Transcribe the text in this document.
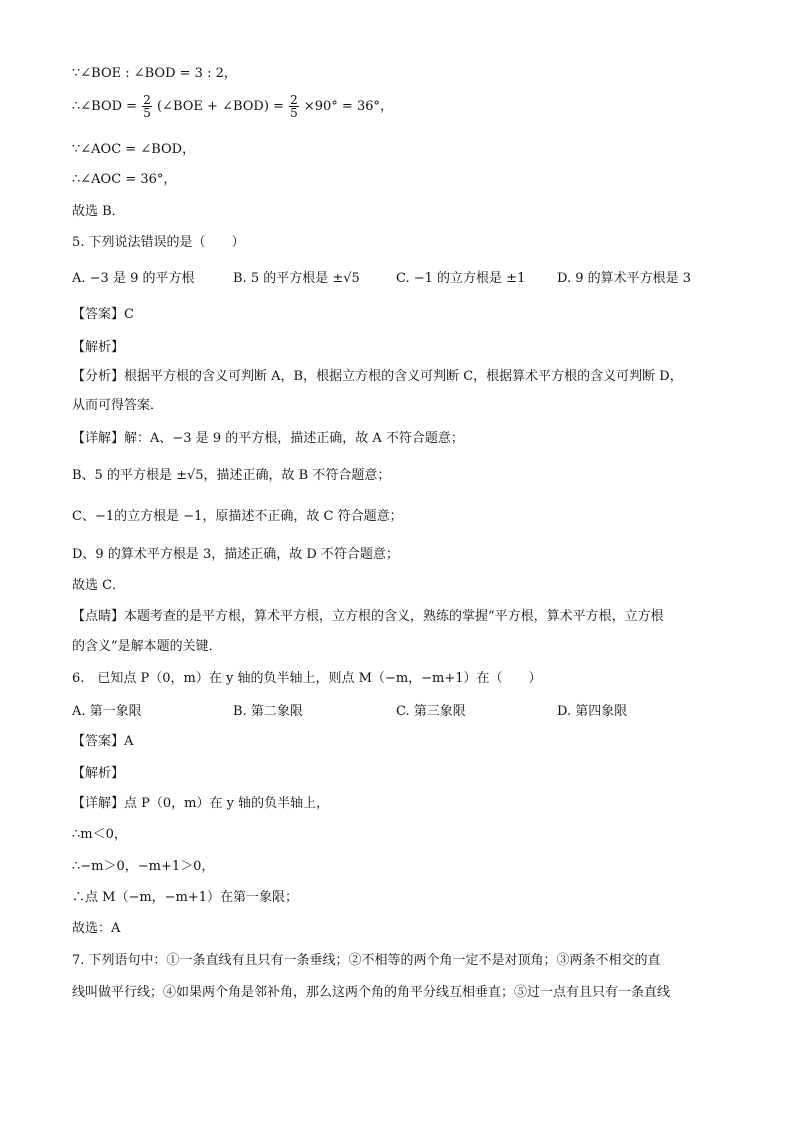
∵∠BOE : ∠BOD = 3 : 2，
∴∠BOD = $\frac{2}{5}$ (∠BOE + ∠BOD) = $\frac{2}{5} \times 90^\circ = 36^\circ$，
∵∠AOC = ∠BOD，
∴∠AOC = 36°，
故选 B．
5. 下列说法错误的是（　　）
A. −3 是 9 的平方根	B. 5 的平方根是 ±√5	C. −1 的立方根是 ±1 D. 9 的算术平方根是 3
【答案】C
【解析】
【分析】根据平方根的含义可判断 A，B，根据立方根的含义可判断 C，根据算术平方根的含义可判断 D，
从而可得答案．
【详解】解：A、−3 是 9 的平方根，描述正确，故 A 不符合题意；
B、5 的平方根是 ±√5，描述正确，故 B 不符合题意；
C、−1的立方根是 −1，原描述不正确，故 C 符合题意；
D、9 的算术平方根是 3，描述正确，故 D 不符合题意；
故选 C．
【点睛】本题考查的是平方根，算术平方根，立方根的含义，熟练的掌握“平方根，算术平方根，立方根
的含义”是解本题的关键．
6.　已知点 P（0，m）在 y 轴的负半轴上，则点 M（−m，−m+1）在（　　）
A. 第一象限	B. 第二象限	C. 第三象限	D. 第四象限
【答案】A
【解析】
【详解】点 P（0，m）在 y 轴的负半轴上，
∴m＜0，
∴−m＞0，−m+1＞0，
∴点 M（−m，−m+1）在第一象限；
故选：A
7. 下列语句中：①一条直线有且只有一条垂线；②不相等的两个角一定不是对顶角；③两条不相交的直
线叫做平行线；④如果两个角是邻补角，那么这两个角的角平分线互相垂直；⑤过一点有且只有一条直线
